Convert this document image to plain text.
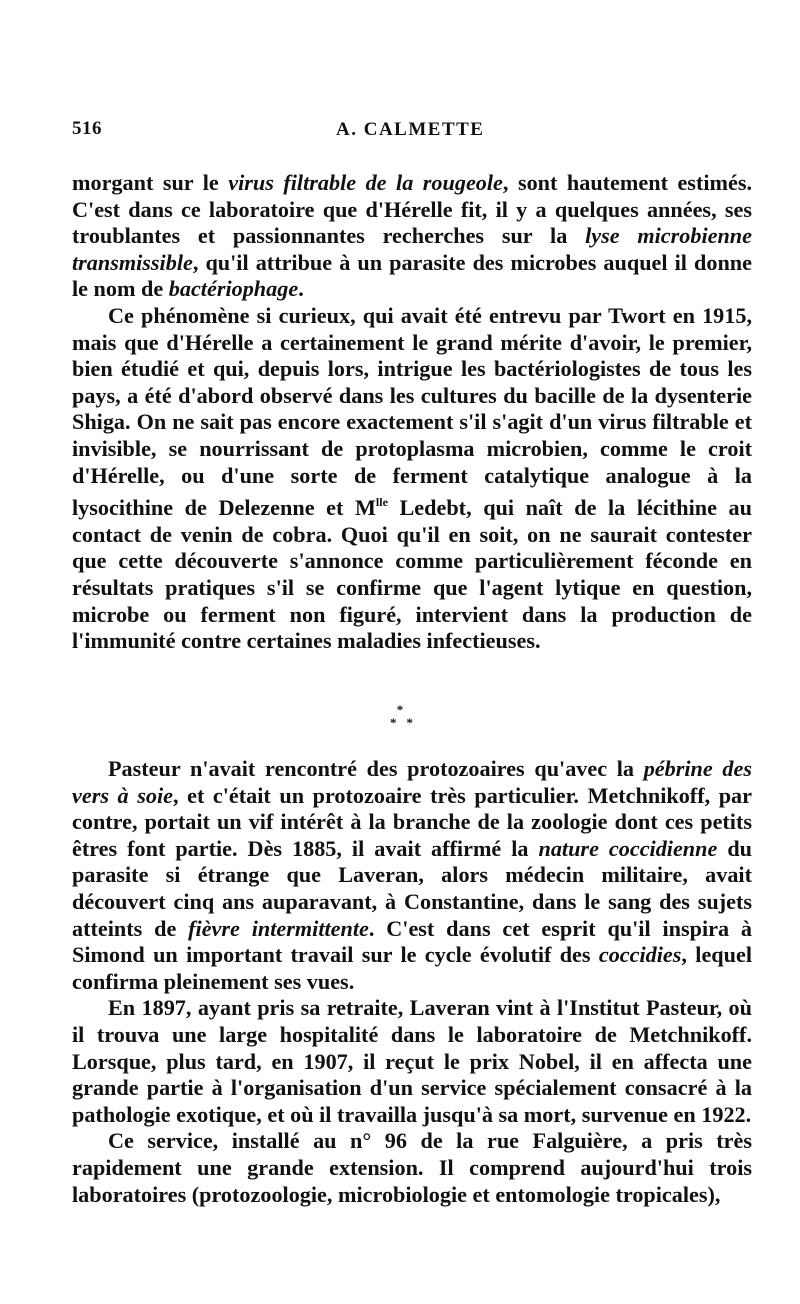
516	A. CALMETTE

morgant sur le virus filtrable de la rougeole, sont hautement estimés. C'est dans ce laboratoire que d'Hérelle fit, il y a quelques années, ses troublantes et passionnantes recherches sur la lyse microbienne transmissible, qu'il attribue à un parasite des microbes auquel il donne le nom de bactériophage.

Ce phénomène si curieux, qui avait été entrevu par Twort en 1915, mais que d'Hérelle a certainement le grand mérite d'avoir, le premier, bien étudié et qui, depuis lors, intrigue les bactériologistes de tous les pays, a été d'abord observé dans les cultures du bacille de la dysenterie Shiga. On ne sait pas encore exactement s'il s'agit d'un virus filtrable et invisible, se nourrissant de protoplasma microbien, comme le croit d'Hérelle, ou d'une sorte de ferment catalytique analogue à la lysocithine de Delezenne et $M^{lle}$ Ledebt, qui naît de la lécithine au contact de venin de cobra. Quoi qu'il en soit, on ne saurait contester que cette découverte s'annonce comme particulièrement féconde en résultats pratiques s'il se confirme que l'agent lytique en question, microbe ou ferment non figuré, intervient dans la production de l'immunité contre certaines maladies infectieuses.

*
**

Pasteur n'avait rencontré des protozoaires qu'avec la pébrine des vers à soie, et c'était un protozoaire très particulier. Metchnikoff, par contre, portait un vif intérêt à la branche de la zoologie dont ces petits êtres font partie. Dès 1885, il avait affirmé la nature coccidienne du parasite si étrange que Laveran, alors médecin militaire, avait découvert cinq ans auparavant, à Constantine, dans le sang des sujets atteints de fièvre intermittente. C'est dans cet esprit qu'il inspira à Simond un important travail sur le cycle évolutif des coccidies, lequel confirma pleinement ses vues.

En 1897, ayant pris sa retraite, Laveran vint à l'Institut Pasteur, où il trouva une large hospitalité dans le laboratoire de Metchnikoff. Lorsque, plus tard, en 1907, il reçut le prix Nobel, il en affecta une grande partie à l'organisation d'un service spécialement consacré à la pathologie exotique, et où il travailla jusqu'à sa mort, survenue en 1922.

Ce service, installé au n° 96 de la rue Falguière, a pris très rapidement une grande extension. Il comprend aujourd'hui trois laboratoires (protozoologie, microbiologie et entomologie tropicales),
